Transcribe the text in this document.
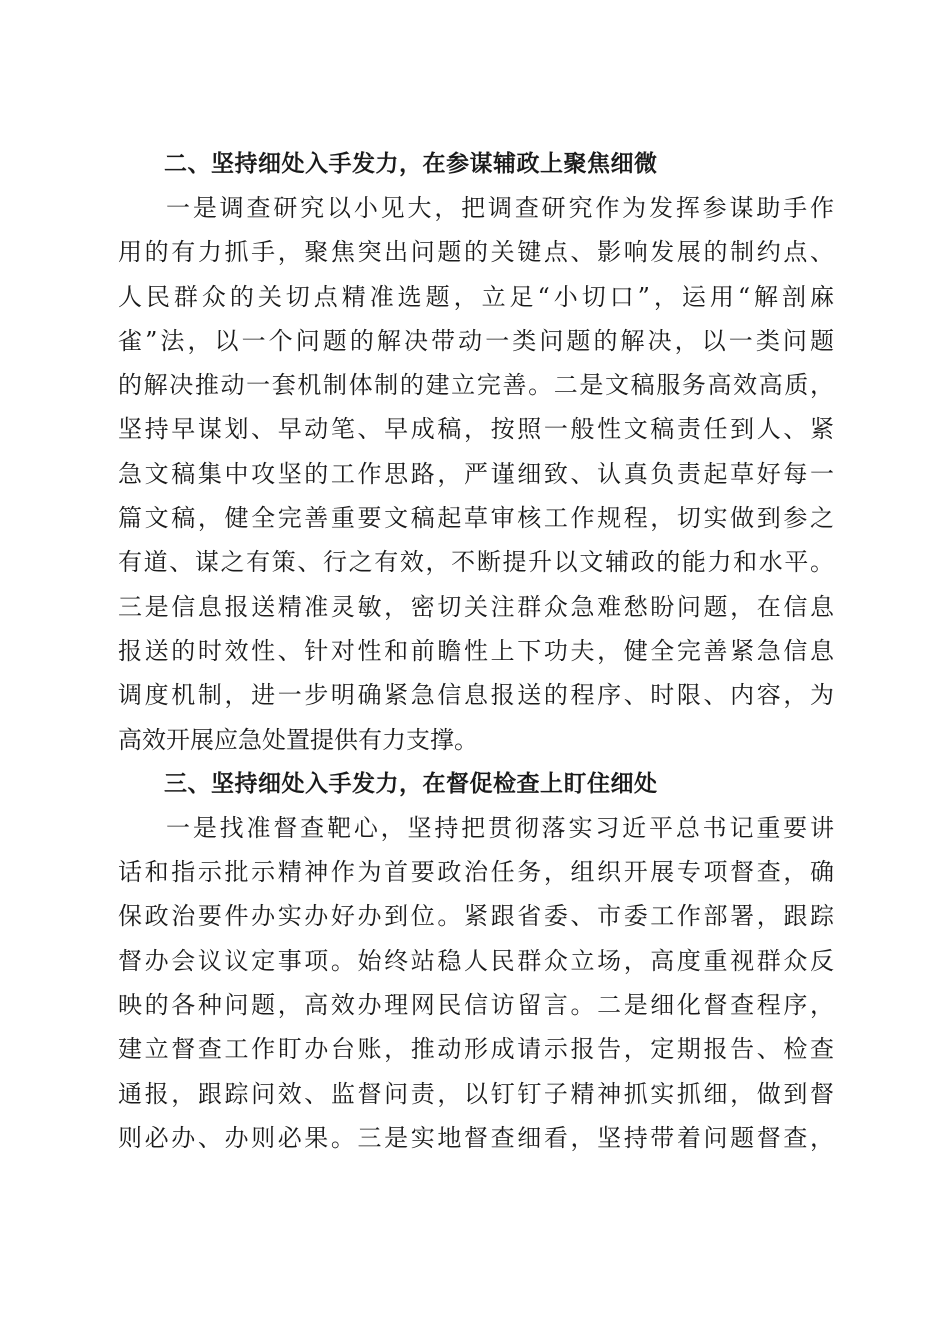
二、坚持细处入手发力，在参谋辅政上聚焦细微
一是调查研究以小见大，把调查研究作为发挥参谋助手作
用的有力抓手，聚焦突出问题的关键点、影响发展的制约点、
人民群众的关切点精准选题，立足“小切口”，运用“解剖麻
雀”法，以一个问题的解决带动一类问题的解决，以一类问题
的解决推动一套机制体制的建立完善。二是文稿服务高效高质，
坚持早谋划、早动笔、早成稿，按照一般性文稿责任到人、紧
急文稿集中攻坚的工作思路，严谨细致、认真负责起草好每一
篇文稿，健全完善重要文稿起草审核工作规程，切实做到参之
有道、谋之有策、行之有效，不断提升以文辅政的能力和水平。
三是信息报送精准灵敏，密切关注群众急难愁盼问题，在信息
报送的时效性、针对性和前瞻性上下功夫，健全完善紧急信息
调度机制，进一步明确紧急信息报送的程序、时限、内容，为
高效开展应急处置提供有力支撑。
三、坚持细处入手发力，在督促检查上盯住细处
一是找准督查靶心，坚持把贯彻落实习近平总书记重要讲
话和指示批示精神作为首要政治任务，组织开展专项督查，确
保政治要件办实办好办到位。紧跟省委、市委工作部署，跟踪
督办会议议定事项。始终站稳人民群众立场，高度重视群众反
映的各种问题，高效办理网民信访留言。二是细化督查程序，
建立督查工作盯办台账，推动形成请示报告，定期报告、检查
通报，跟踪问效、监督问责，以钉钉子精神抓实抓细，做到督
则必办、办则必果。三是实地督查细看，坚持带着问题督查，
